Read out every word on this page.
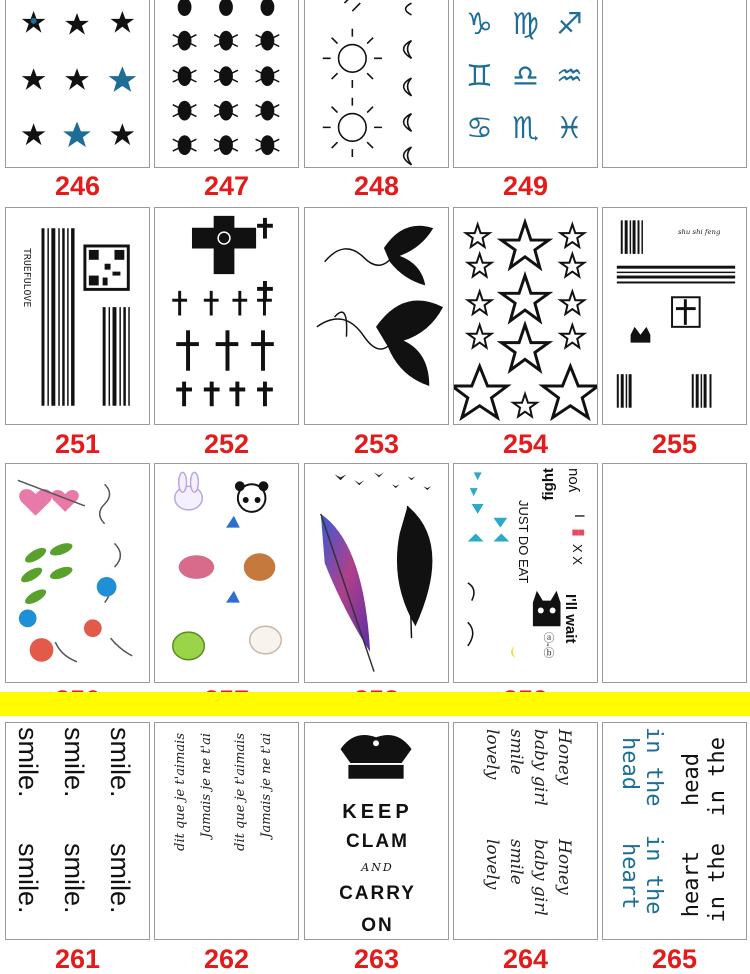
246	247	248
♑ ♍ ♐
♊ ♎ ♒
♋ ♏ ♓
249
TRUEFULOVE
251	252	253	254
shu shi feng
255
you
fight
I
JUST DO EAT	X X
I'll wait
ⓐ-ⓑ
smile.
smile.
smile.
smile.
smile.
smile.
261
Jamais je ne t'ai
dit que je t'aimais
Jamais je ne t'ai
dit que je t'aimais
262
KEEP
CLAM
AND
CARRY
ON
263
Honey
baby girl
smile
lovely
Honey
baby girl
smile
lovely
264
in the
head
in the
head
in the
heart
in the
heart
265
